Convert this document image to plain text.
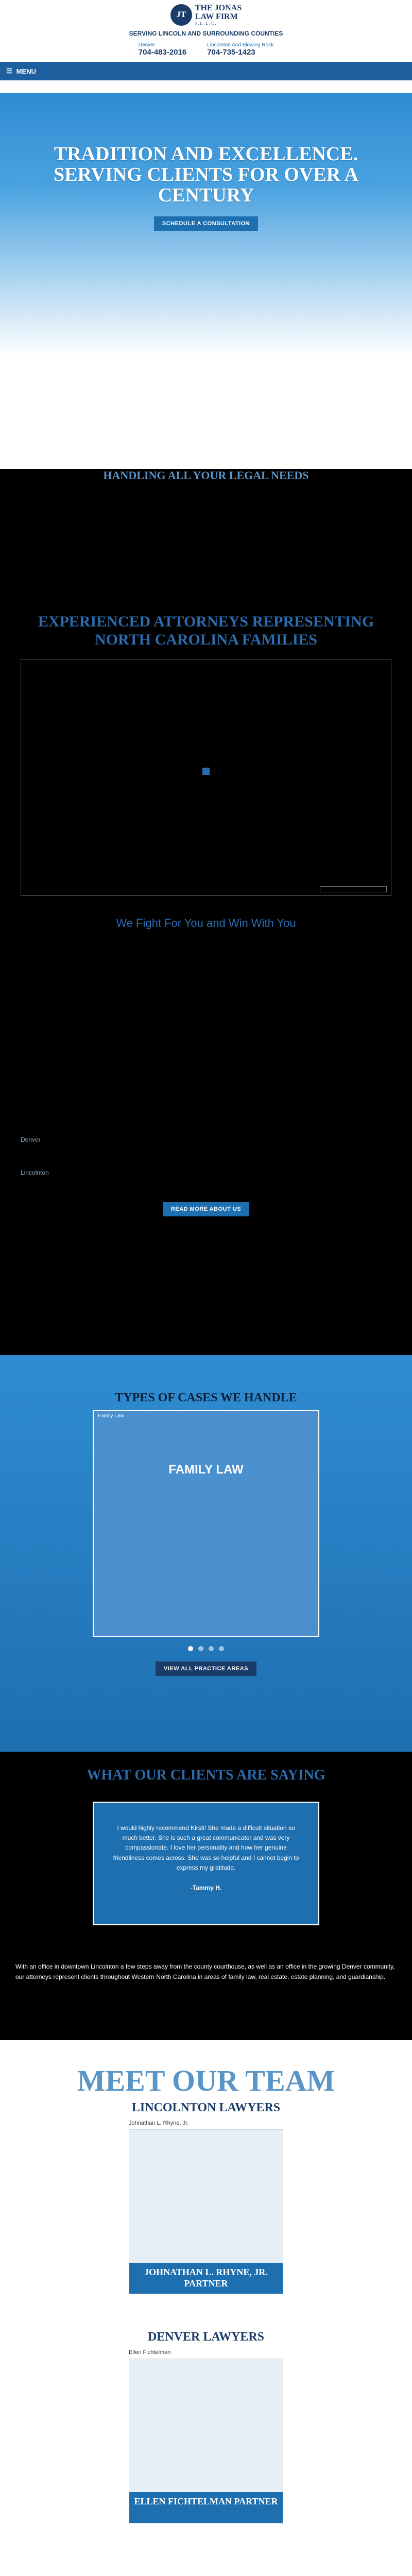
JT
THE JONAS
LAW FIRM
P.L.L.C.
SERVING LINCOLN AND SURROUNDING COUNTIES
Denver
704-483-2016
Lincolnton And Blowing Rock
704-735-1423
☰ MENU
TRADITION AND EXCELLENCE. SERVING CLIENTS FOR OVER A CENTURY
SCHEDULE A CONSULTATION
HANDLING ALL YOUR LEGAL NEEDS
EXPERIENCED ATTORNEYS REPRESENTING NORTH CAROLINA FAMILIES
We Fight For You and Win With You
Denver
Lincolnton
READ MORE ABOUT US
TYPES OF CASES WE HANDLE
Family Law
FAMILY LAW
VIEW ALL PRACTICE AREAS
WHAT OUR CLIENTS ARE SAYING
I would highly recommend Kirsti! She made a difficult situation so much better. She is such a great communicator and was very compassionate. I love her personality and how her genuine friendliness comes across. She was so helpful and I cannot begin to express my gratitude.
-Tammy H.
With an office in downtown Lincolnton a few steps away from the county courthouse, as well as an office in the growing Denver community, our attorneys represent clients throughout Western North Carolina in areas of family law, real estate, estate planning, and guardianship.
MEET OUR TEAM
LINCOLNTON LAWYERS
Johnathan L. Rhyne, Jr.
JOHNATHAN L. RHYNE, JR. PARTNER
DENVER LAWYERS
Ellen Fichtelman
ELLEN FICHTELMAN PARTNER
